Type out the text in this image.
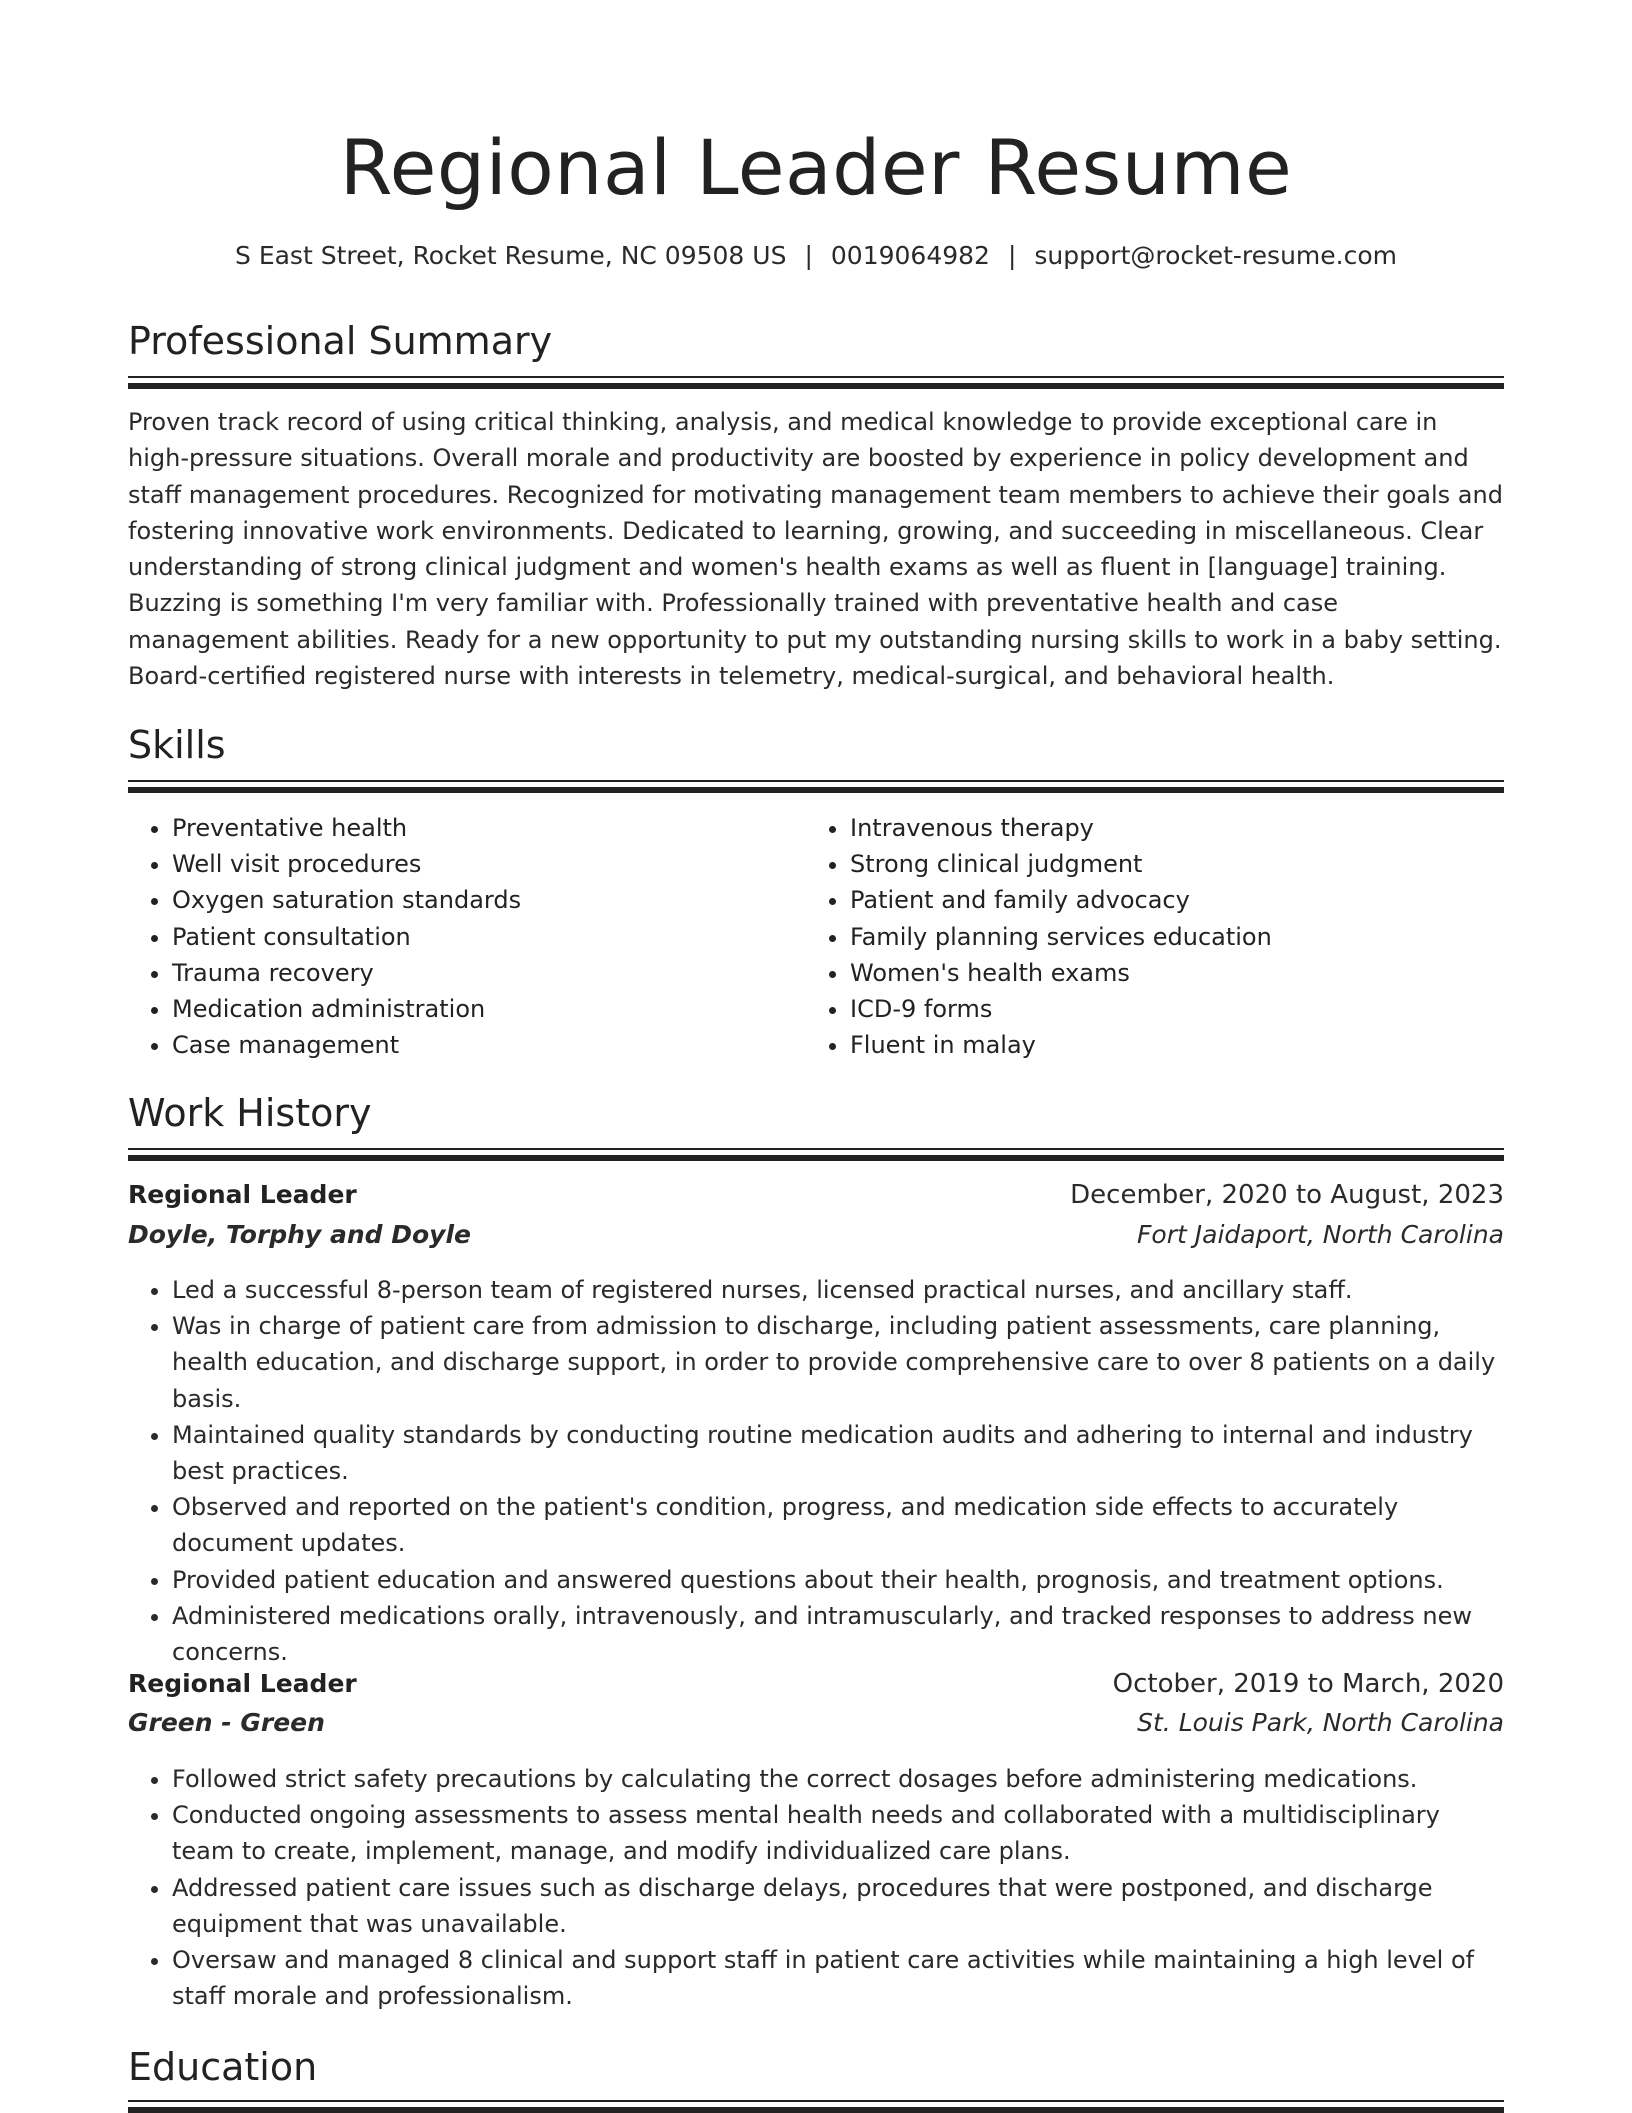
Regional Leader Resume
S East Street, Rocket Resume, NC 09508 US | 0019064982 | support@rocket-resume.com
Professional Summary

Proven track record of using critical thinking, analysis, and medical knowledge to provide exceptional care in high-pressure situations. Overall morale and productivity are boosted by experience in policy development and staff management procedures. Recognized for motivating management team members to achieve their goals and fostering innovative work environments. Dedicated to learning, growing, and succeeding in miscellaneous. Clear understanding of strong clinical judgment and women's health exams as well as fluent in [language] training. Buzzing is something I'm very familiar with. Professionally trained with preventative health and case management abilities. Ready for a new opportunity to put my outstanding nursing skills to work in a baby setting. Board-certified registered nurse with interests in telemetry, medical-surgical, and behavioral health.

Skills
• Preventative health
• Well visit procedures
• Oxygen saturation standards
• Patient consultation
• Trauma recovery
• Medication administration
• Case management
• Intravenous therapy
• Strong clinical judgment
• Patient and family advocacy
• Family planning services education
• Women's health exams
• ICD-9 forms
• Fluent in malay
Work History
Regional Leader	December, 2020 to August, 2023
Doyle, Torphy and Doyle	Fort Jaidaport, North Carolina
• Led a successful 8-person team of registered nurses, licensed practical nurses, and ancillary staff.
• Was in charge of patient care from admission to discharge, including patient assessments, care planning, health education, and discharge support, in order to provide comprehensive care to over 8 patients on a daily basis.
• Maintained quality standards by conducting routine medication audits and adhering to internal and industry best practices.
• Observed and reported on the patient's condition, progress, and medication side effects to accurately document updates.
• Provided patient education and answered questions about their health, prognosis, and treatment options.
• Administered medications orally, intravenously, and intramuscularly, and tracked responses to address new concerns.
Regional Leader	October, 2019 to March, 2020
Green - Green	St. Louis Park, North Carolina
• Followed strict safety precautions by calculating the correct dosages before administering medications.
• Conducted ongoing assessments to assess mental health needs and collaborated with a multidisciplinary team to create, implement, manage, and modify individualized care plans.
• Addressed patient care issues such as discharge delays, procedures that were postponed, and discharge equipment that was unavailable.
• Oversaw and managed 8 clinical and support staff in patient care activities while maintaining a high level of staff morale and professionalism.
Education
